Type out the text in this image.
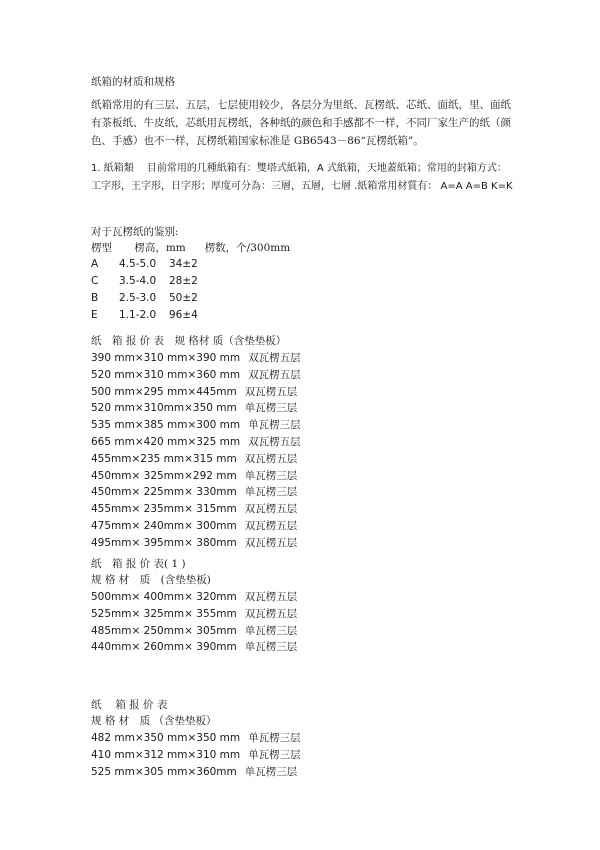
纸箱的材质和规格
纸箱常用的有三层、五层，七层使用较少，各层分为里纸、瓦楞纸、芯纸、面纸，里、面纸有茶板纸、牛皮纸，芯纸用瓦楞纸，各种纸的颜色和手感都不一样，不同厂家生产的纸（颜色、手感）也不一样，瓦楞纸箱国家标准是 GB6543－86“瓦楞纸箱”。
1. 紙箱類　 目前常用的几種紙箱有：雙塔式紙箱，A 式紙箱，天地蓋紙箱；常用的封箱方式：工字形，王字形，日字形；厚度可分為：三層，五層，七層 .紙箱常用材質有： A=A A=B K=K
对于瓦楞纸的鉴别:
楞型 楞高，mm 楞数，个/300mm
A 4.5-5.0 34±2
C 3.5-4.0 28±2
B 2.5-3.0 50±2
E 1.1-2.0 96±4
纸　箱 报 价 表　规 格材 质（含垫垫板）
390 mm×310 mm×390 mm 双瓦楞五层
520 mm×310 mm×360 mm 双瓦楞五层
500 mm×295 mm×445mm 双瓦楞五层
520 mm×310mm×350 mm 单瓦楞三层
535 mm×385 mm×300 mm 单瓦楞三层
665 mm×420 mm×325 mm 双瓦楞五层
455mm×235 mm×315 mm 双瓦楞五层
450mm× 325mm×292 mm 单瓦楞三层
450mm× 225mm× 330mm 单瓦楞三层
455mm× 235mm× 315mm 双瓦楞五层
475mm× 240mm× 300mm 双瓦楞五层
495mm× 395mm× 380mm 双瓦楞五层
纸　箱 报 价 表( 1 )
规 格 材　质　(含垫垫板)
500mm× 400mm× 320mm 双瓦楞五层
525mm× 325mm× 355mm 双瓦楞五层
485mm× 250mm× 305mm 单瓦楞三层
440mm× 260mm× 390mm 单瓦楞三层
纸　 箱 报 价 表
规 格 材　质 （含垫垫板）
482 mm×350 mm×350 mm 单瓦楞三层
410 mm×312 mm×310 mm 单瓦楞三层
525 mm×305 mm×360mm 单瓦楞三层
